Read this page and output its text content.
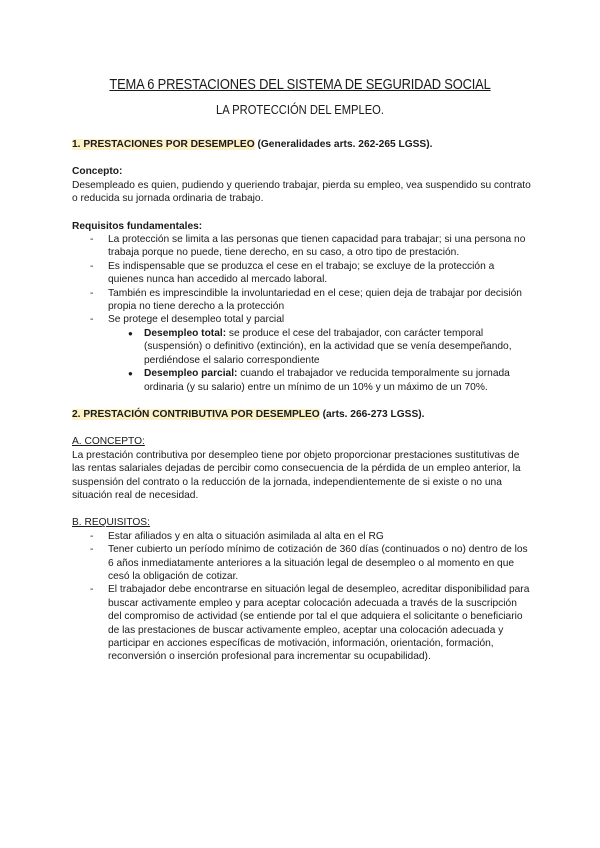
TEMA 6 PRESTACIONES DEL SISTEMA DE SEGURIDAD SOCIAL
LA PROTECCIÓN DEL EMPLEO.

1. PRESTACIONES POR DESEMPLEO (Generalidades arts. 262-265 LGSS).

Concepto:

Desempleado es quien, pudiendo y queriendo trabajar, pierda su empleo, vea suspendido su contrato o reducida su jornada ordinaria de trabajo.

Requisitos fundamentales:

- La protección se limita a las personas que tienen capacidad para trabajar; si una persona no trabaja porque no puede, tiene derecho, en su caso, a otro tipo de prestación.
- Es indispensable que se produzca el cese en el trabajo; se excluye de la protección a quienes nunca han accedido al mercado laboral.
- También es imprescindible la involuntariedad en el cese; quien deja de trabajar por decisión propia no tiene derecho a la protección
- Se protege el desempleo total y parcial
● Desempleo total: se produce el cese del trabajador, con carácter temporal (suspensión) o definitivo (extinción), en la actividad que se venía desempeñando, perdiéndose el salario correspondiente
● Desempleo parcial: cuando el trabajador ve reducida temporalmente su jornada ordinaria (y su salario) entre un mínimo de un 10% y un máximo de un 70%.

2. PRESTACIÓN CONTRIBUTIVA POR DESEMPLEO (arts. 266-273 LGSS).

A. CONCEPTO:

La prestación contributiva por desempleo tiene por objeto proporcionar prestaciones sustitutivas de las rentas salariales dejadas de percibir como consecuencia de la pérdida de un empleo anterior, la suspensión del contrato o la reducción de la jornada, independientemente de si existe o no una situación real de necesidad.

B. REQUISITOS:

- Estar afiliados y en alta o situación asimilada al alta en el RG
- Tener cubierto un período mínimo de cotización de 360 días (continuados o no) dentro de los 6 años inmediatamente anteriores a la situación legal de desempleo o al momento en que cesó la obligación de cotizar.
- El trabajador debe encontrarse en situación legal de desempleo, acreditar disponibilidad para buscar activamente empleo y para aceptar colocación adecuada a través de la suscripción del compromiso de actividad (se entiende por tal el que adquiera el solicitante o beneficiario de las prestaciones de buscar activamente empleo, aceptar una colocación adecuada y participar en acciones específicas de motivación, información, orientación, formación, reconversión o inserción profesional para incrementar su ocupabilidad).
